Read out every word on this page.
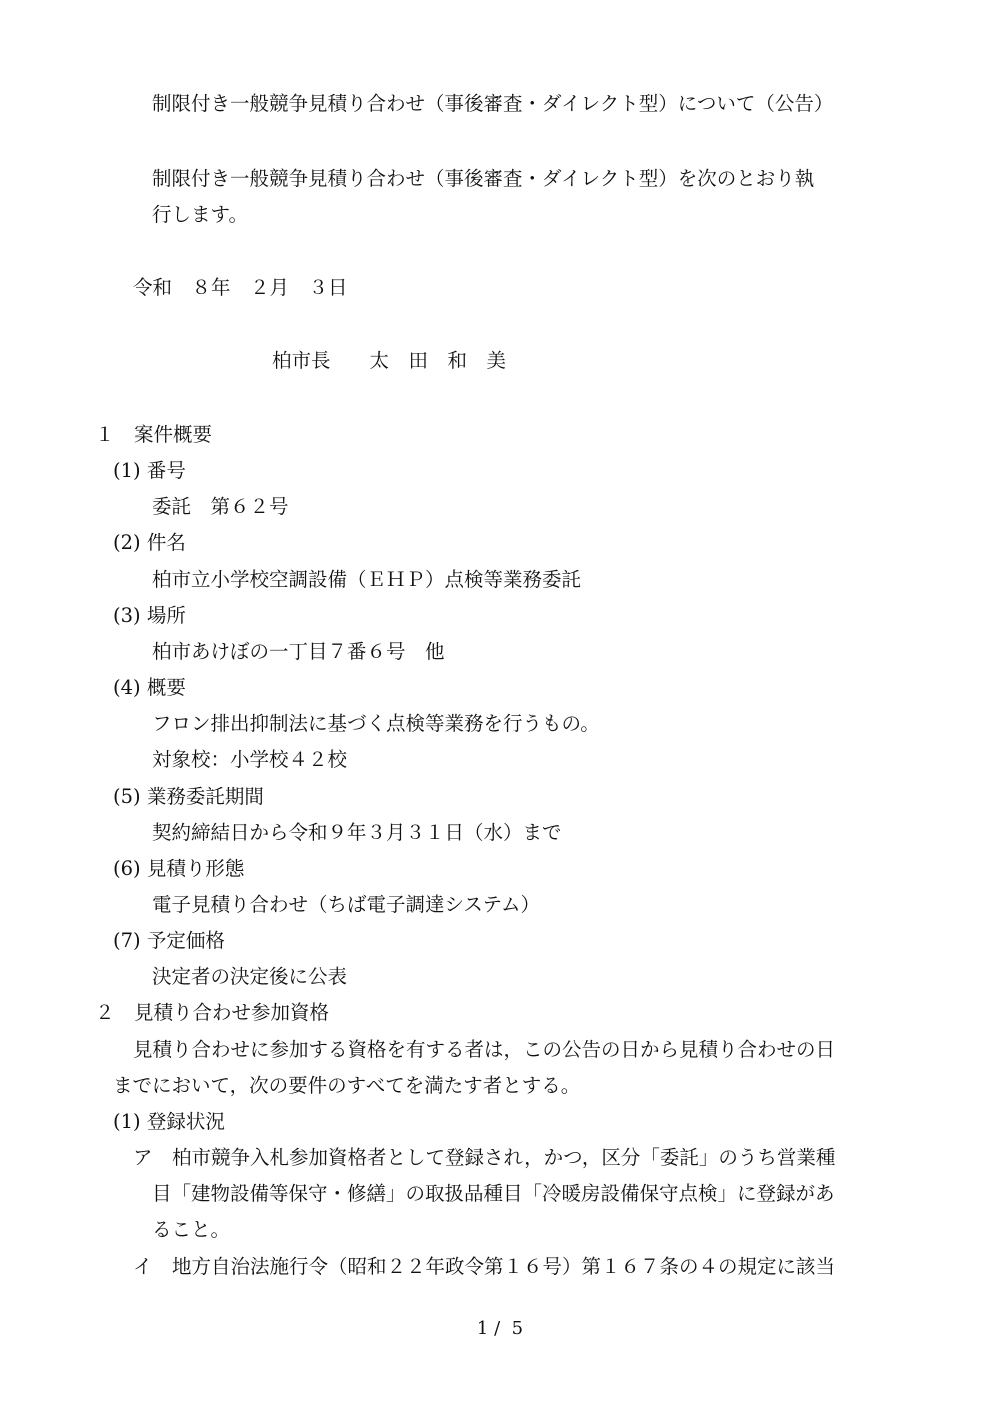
制限付き一般競争見積り合わせ（事後審査・ダイレクト型）について（公告）
制限付き一般競争見積り合わせ（事後審査・ダイレクト型）を次のとおり執
行します。
令和　８年　２月　３日
柏市長　　太　田　和　美
１　案件概要
(1) 番号
委託　第６２号
(2) 件名
柏市立小学校空調設備（ＥＨＰ）点検等業務委託
(3) 場所
柏市あけぼの一丁目７番６号　他
(4) 概要
フロン排出抑制法に基づく点検等業務を行うもの。
対象校：小学校４２校
(5) 業務委託期間
契約締結日から令和９年３月３１日（水）まで
(6) 見積り形態
電子見積り合わせ（ちば電子調達システム）
(7) 予定価格
決定者の決定後に公表
２　見積り合わせ参加資格
見積り合わせに参加する資格を有する者は，この公告の日から見積り合わせの日
までにおいて，次の要件のすべてを満たす者とする。
(1) 登録状況
ア　柏市競争入札参加資格者として登録され，かつ，区分「委託」のうち営業種
目「建物設備等保守・修繕」の取扱品種目「冷暖房設備保守点検」に登録があ
ること。
イ　地方自治法施行令（昭和２２年政令第１６号）第１６７条の４の規定に該当
1 /  5
